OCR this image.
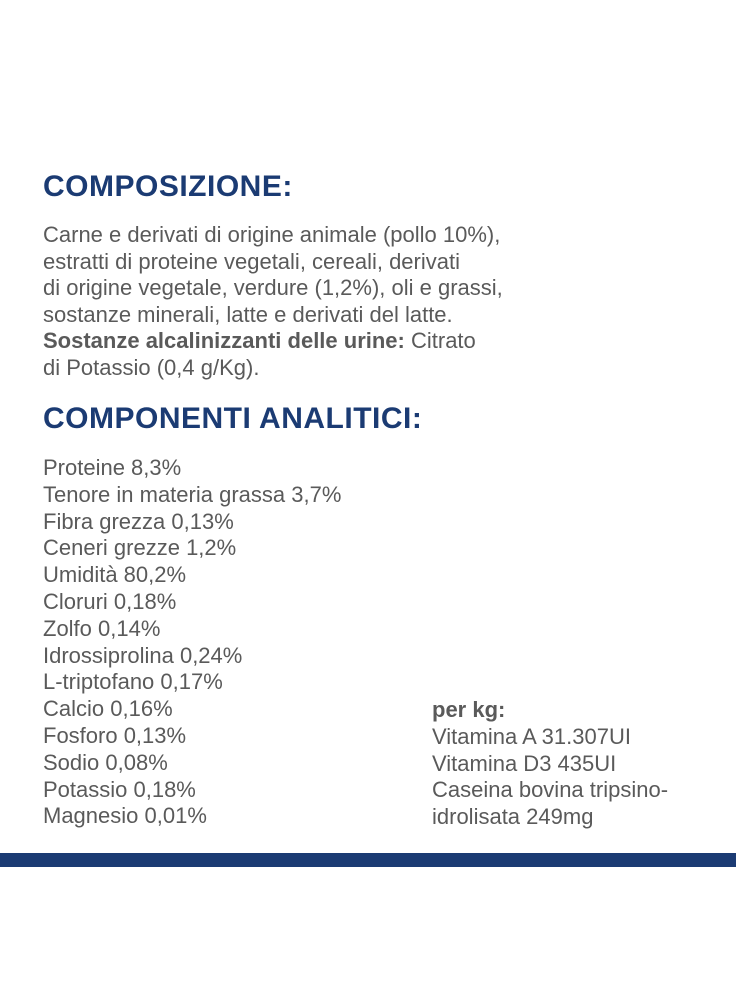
COMPOSIZIONE:

Carne e derivati di origine animale (pollo 10%),
estratti di proteine vegetali, cereali, derivati
di origine vegetale, verdure (1,2%), oli e grassi,
sostanze minerali, latte e derivati del latte.
Sostanze alcalinizzanti delle urine: Citrato
di Potassio (0,4 g/Kg).

COMPONENTI ANALITICI:
Proteine 8,3%
Tenore in materia grassa 3,7%
Fibra grezza 0,13%
Ceneri grezze 1,2%
Umidità 80,2%
Cloruri 0,18%
Zolfo 0,14%
Idrossiprolina 0,24%
L-triptofano 0,17%
Calcio 0,16%
Fosforo 0,13%
Sodio 0,08%
Potassio 0,18%
Magnesio 0,01%
per kg:
Vitamina A 31.307UI
Vitamina D3 435UI
Caseina bovina tripsino-
idrolisata 249mg
